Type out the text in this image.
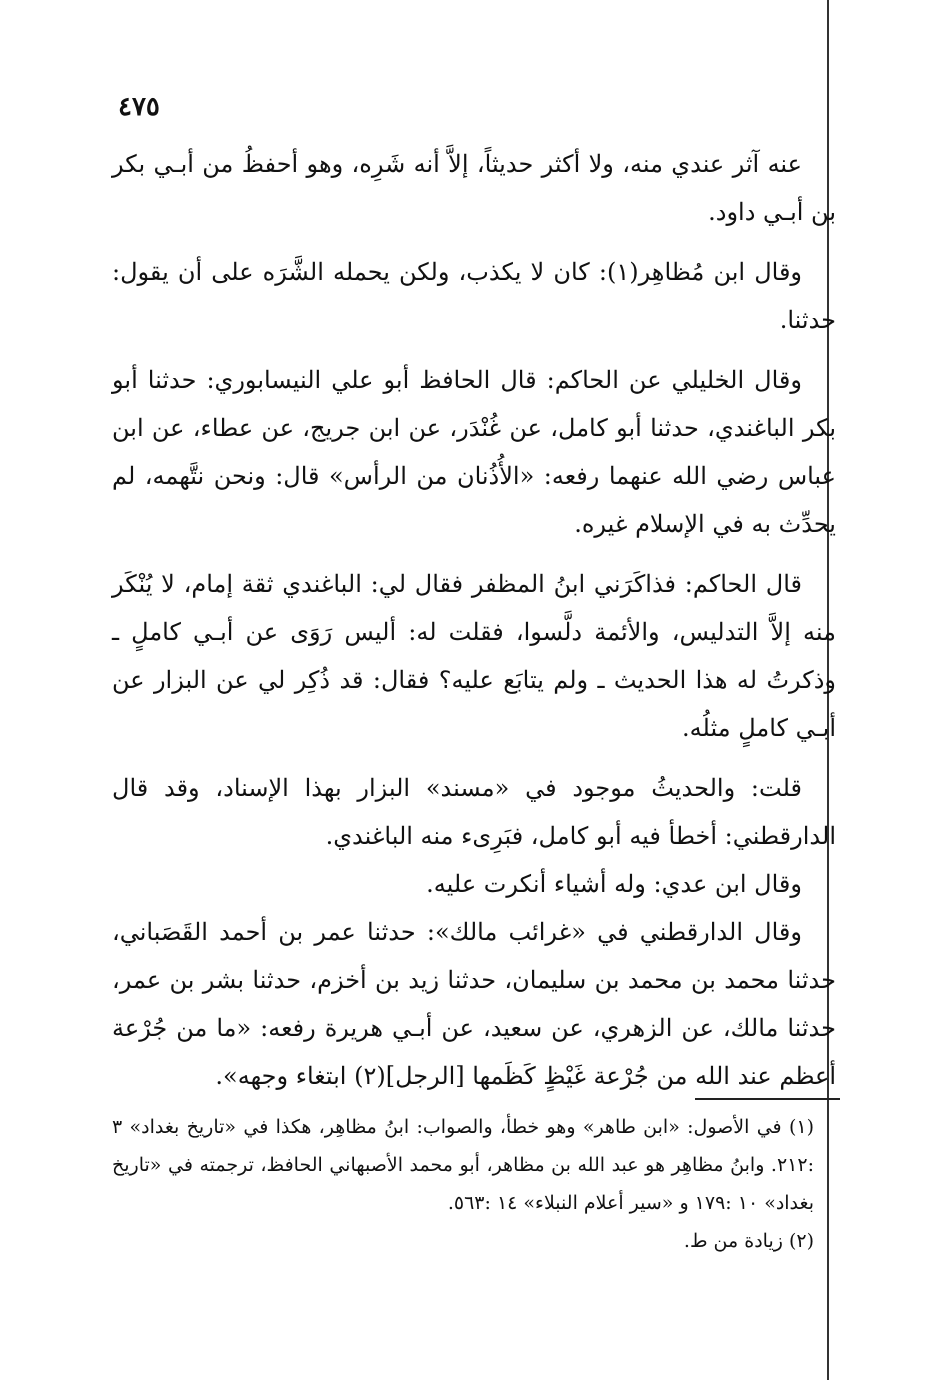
٤٧٥

عنه آثر عندي منه، ولا أكثر حديثاً، إلاَّ أنه شَرِه، وهو أحفظُ من أبـي بكر بن أبـي داود.

وقال ابن مُظاهِر(١): كان لا يكذب، ولكن يحمله الشَّرَه على أن يقول: حدثنا.

وقال الخليلي عن الحاكم: قال الحافظ أبو علي النيسابوري: حدثنا أبو بكر الباغندي، حدثنا أبو كامل، عن غُنْدَر، عن ابن جريج، عن عطاء، عن ابن عباس رضي الله عنهما رفعه: «الأُذُنان من الرأس» قال: ونحن نتَّهمه، لم يحدِّث به في الإسلام غيره.

قال الحاكم: فذاكَرَني ابنُ المظفر فقال لي: الباغندي ثقة إمام، لا يُنْكَر منه إلاَّ التدليس، والأئمة دلَّسوا، فقلت له: أليس رَوَى عن أبـي كاملٍ ـ وذكرتُ له هذا الحديث ـ ولم يتابَع عليه؟ فقال: قد ذُكِر لي عن البزار عن أبـي كاملٍ مثلُه.

قلت: والحديثُ موجود في «مسند» البزار بهذا الإسناد، وقد قال الدارقطني: أخطأ فيه أبو كامل، فبَرِىء منه الباغندي.

وقال ابن عدي: وله أشياء أنكرت عليه.

وقال الدارقطني في «غرائب مالك»: حدثنا عمر بن أحمد القَصَباني، حدثنا محمد بن محمد بن سليمان، حدثنا زيد بن أخزم، حدثنا بشر بن عمر، حدثنا مالك، عن الزهري، عن سعيد، عن أبـي هريرة رفعه: «ما من جُرْعة أعظم عند الله من جُرْعة غَيْظٍ كَظَمها [الرجل](٢) ابتغاء وجهه».

(١) في الأصول: «ابن طاهر» وهو خطأ، والصواب: ابنُ مظاهِر، هكذا في «تاريخ بغداد» ٣ :٢١٢. وابنُ مظاهِر هو عبد الله بن مظاهر، أبو محمد الأصبهاني الحافظ، ترجمته في «تاريخ بغداد» ١٠ :١٧٩ و «سير أعلام النبلاء» ١٤ :٥٦٣.

(٢) زيادة من ط.
